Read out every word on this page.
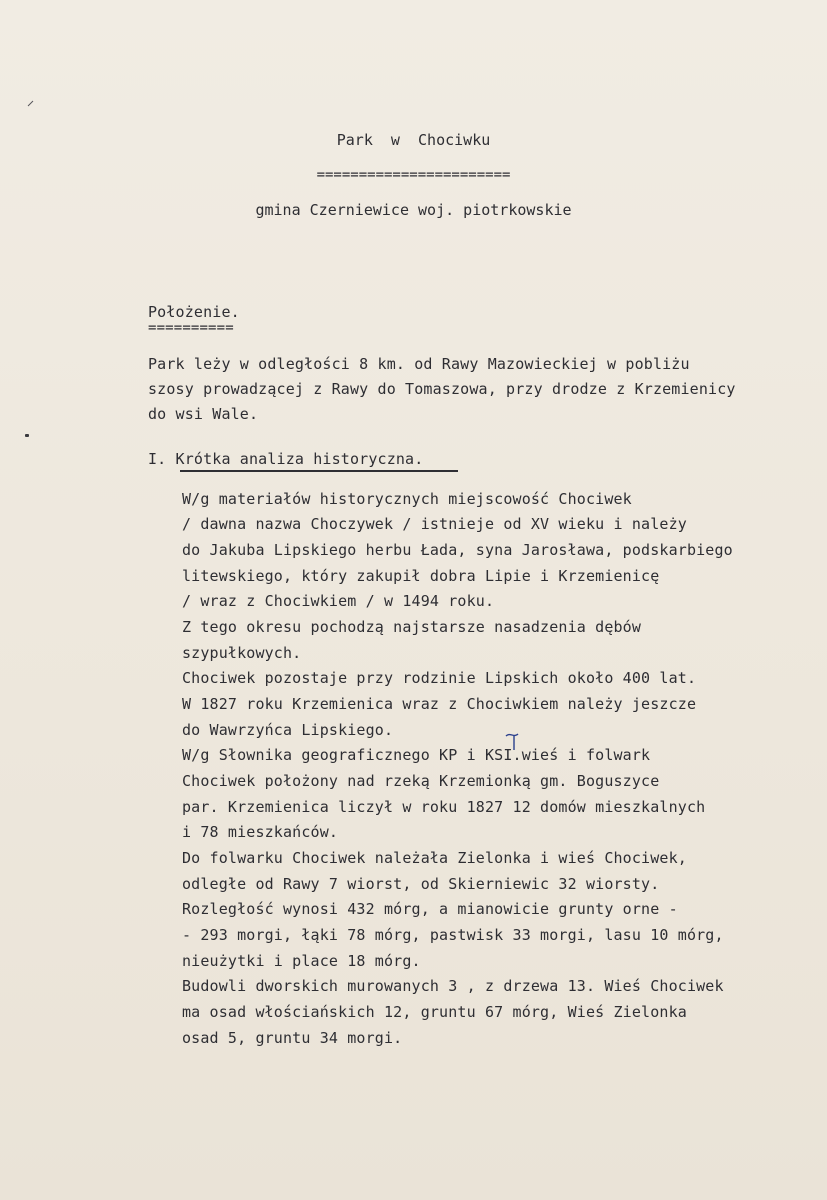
Park  w  Chociwku
=======================
gmina Czerniewice woj. piotrkowskie
Położenie.
==========
Park leży w odległości 8 km. od Rawy Mazowieckiej w pobliżu
szosy prowadzącej z Rawy do Tomaszowa, przy drodze z Krzemienicy
do wsi Wale.
I. Krótka analiza historyczna.
W/g materiałów historycznych miejscowość Chociwek
/ dawna nazwa Choczywek / istnieje od XV wieku i należy
do Jakuba Lipskiego herbu Łada, syna Jarosława, podskarbiego
litewskiego, który zakupił dobra Lipie i Krzemienicę
/ wraz z Chociwkiem / w 1494 roku.
Z tego okresu pochodzą najstarsze nasadzenia dębów
szypułkowych.
Chociwek pozostaje przy rodzinie Lipskich około 400 lat.
W 1827 roku Krzemienica wraz z Chociwkiem należy jeszcze
do Wawrzyńca Lipskiego.
W/g Słownika geograficznego KP i KSI.wieś i folwark
Chociwek położony nad rzeką Krzemionką gm. Boguszyce
par. Krzemienica liczył w roku 1827 12 domów mieszkalnych
i 78 mieszkańców.
Do folwarku Chociwek należała Zielonka i wieś Chociwek,
odległe od Rawy 7 wiorst, od Skierniewic 32 wiorsty.
Rozległość wynosi 432 mórg, a mianowicie grunty orne -
- 293 morgi, łąki 78 mórg, pastwisk 33 morgi, lasu 10 mórg,
nieużytki i place 18 mórg.
Budowli dworskich murowanych 3 , z drzewa 13. Wieś Chociwek
ma osad włościańskich 12, gruntu 67 mórg, Wieś Zielonka
osad 5, gruntu 34 morgi.
